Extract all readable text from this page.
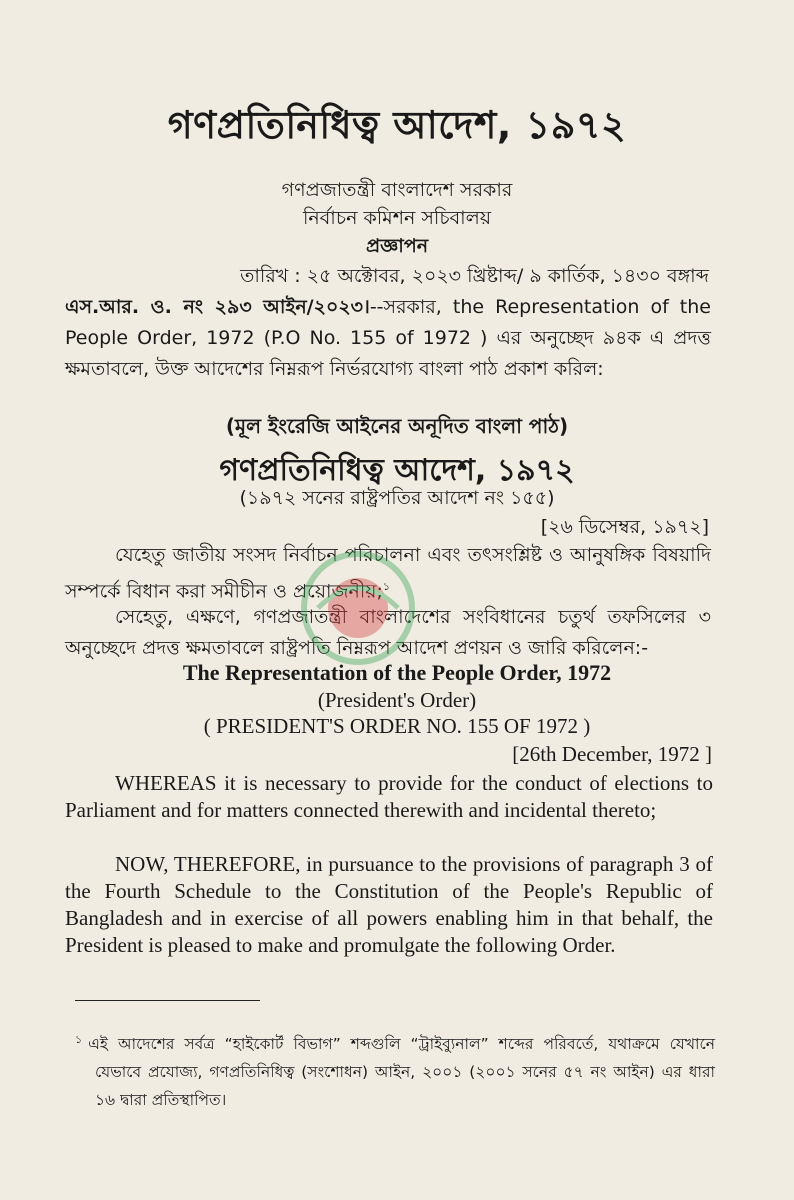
গণপ্রতিনিধিত্ব আদেশ, ১৯৭২
গণপ্রজাতন্ত্রী বাংলাদেশ সরকার
নির্বাচন কমিশন সচিবালয়
প্রজ্ঞাপন
তারিখ : ২৫ অক্টোবর, ২০২৩ খ্রিষ্টাব্দ/ ৯ কার্তিক, ১৪৩০ বঙ্গাব্দ
এস.আর. ও. নং ২৯৩ আইন/২০২৩।--সরকার, the Representation of the People Order, 1972 (P.O No. 155 of 1972 ) এর অনুচ্ছেদ ৯৪ক এ প্রদত্ত ক্ষমতাবলে, উক্ত আদেশের নিম্নরূপ নির্ভরযোগ্য বাংলা পাঠ প্রকাশ করিল:
(মূল ইংরেজি আইনের অনূদিত বাংলা পাঠ)
গণপ্রতিনিধিত্ব আদেশ, ১৯৭২
(১৯৭২ সনের রাষ্ট্রপতির আদেশ নং ১৫৫)
[২৬ ডিসেম্বর, ১৯৭২]
যেহেতু জাতীয় সংসদ নির্বাচন পরিচালনা এবং তৎসংশ্লিষ্ট ও আনুষঙ্গিক বিষয়াদি সম্পর্কে বিধান করা সমীচীন ও প্রয়োজনীয়;$^১$
সেহেতু, এক্ষণে, গণপ্রজাতন্ত্রী বাংলাদেশের সংবিধানের চতুর্থ তফসিলের ৩ অনুচ্ছেদে প্রদত্ত ক্ষমতাবলে রাষ্ট্রপতি নিম্নরূপ আদেশ প্রণয়ন ও জারি করিলেন:-
The Representation of the People Order, 1972
(President's Order)
( PRESIDENT'S ORDER NO. 155 OF 1972 )
[26th December, 1972 ]
WHEREAS it is necessary to provide for the conduct of elections to Parliament and for matters connected therewith and incidental thereto;
NOW, THEREFORE, in pursuance to the provisions of paragraph 3 of the Fourth Schedule to the Constitution of the People's Republic of Bangladesh and in exercise of all powers enabling him in that behalf, the President is pleased to make and promulgate the following Order.
$^১$ এই আদেশের সর্বত্র “হাইকোর্ট বিভাগ” শব্দগুলি “ট্রাইব্যুনাল” শব্দের পরিবর্তে, যথাক্রমে যেখানে যেভাবে প্রযোজ্য, গণপ্রতিনিধিত্ব (সংশোধন) আইন, ২০০১ (২০০১ সনের ৫৭ নং আইন) এর ধারা ১৬ দ্বারা প্রতিস্থাপিত।
